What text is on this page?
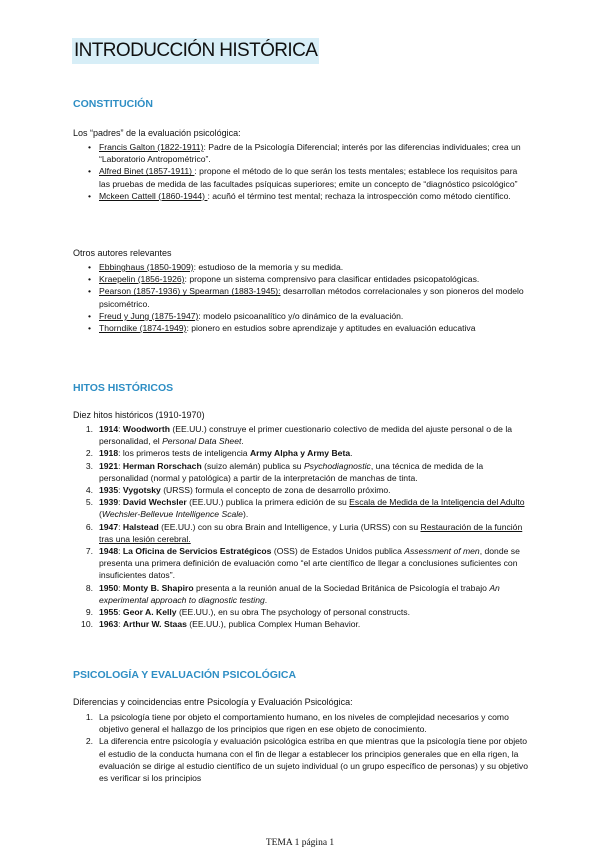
INTRODUCCIÓN HISTÓRICA
CONSTITUCIÓN
Los “padres” de la evaluación psicológica:
• Francis Galton (1822-1911): Padre de la Psicología Diferencial; interés por las diferencias individuales; crea un “Laboratorio Antropométrico”.
• Alfred Binet (1857-1911) : propone el método de lo que serán los tests mentales; establece los requisitos para las pruebas de medida de las facultades psíquicas superiores; emite un concepto de “diagnóstico psicológico”
• Mckeen Cattell (1860-1944) : acuñó el término test mental; rechaza la introspección como método científico.
Otros autores relevantes
• Ebbinghaus (1850-1909): estudioso de la memoria y su medida.
• Kraepelin (1856-1926): propone un sistema comprensivo para clasificar entidades psicopatológicas.
• Pearson (1857-1936) y Spearman (1883-1945): desarrollan métodos correlacionales y son pioneros del modelo psicométrico.
• Freud y Jung (1875-1947): modelo psicoanalítico y/o dinámico de la evaluación.
• Thorndike (1874-1949): pionero en estudios sobre aprendizaje y aptitudes en evaluación educativa
HITOS HISTÓRICOS
Diez hitos históricos (1910-1970)
1. 1914: Woodworth (EE.UU.) construye el primer cuestionario colectivo de medida del ajuste personal o de la personalidad, el Personal Data Sheet.
2. 1918: los primeros tests de inteligencia Army Alpha y Army Beta.
3. 1921: Herman Rorschach (suizo alemán) publica su Psychodiagnostic, una técnica de medida de la personalidad (normal y patológica) a partir de la interpretación de manchas de tinta.
4. 1935: Vygotsky (URSS) formula el concepto de zona de desarrollo próximo.
5. 1939: David Wechsler (EE.UU.) publica la primera edición de su Escala de Medida de la Inteligencia del Adulto (Wechsler-Bellevue Intelligence Scale).
6. 1947: Halstead (EE.UU.) con su obra Brain and Intelligence, y Luria (URSS) con su Restauración de la función tras una lesión cerebral.
7. 1948: La Oficina de Servicios Estratégicos (OSS) de Estados Unidos publica Assessment of men, donde se presenta una primera definición de evaluación como “el arte científico de llegar a conclusiones suficientes con insuficientes datos”.
8. 1950: Monty B. Shapiro presenta a la reunión anual de la Sociedad Británica de Psicología el trabajo An experimental approach to diagnostic testing.
9. 1955: Geor A. Kelly (EE.UU.), en su obra The psychology of personal constructs.
10. 1963: Arthur W. Staas (EE.UU.), publica Complex Human Behavior.
PSICOLOGÍA Y EVALUACIÓN PSICOLÓGICA
Diferencias y coincidencias entre Psicología y Evaluación Psicológica:
1. La psicología tiene por objeto el comportamiento humano, en los niveles de complejidad necesarios y como objetivo general el hallazgo de los principios que rigen en ese objeto de conocimiento.
2. La diferencia entre psicología y evaluación psicológica estriba en que mientras que la psicología tiene por objeto el estudio de la conducta humana con el fin de llegar a establecer los principios generales que en ella rigen, la evaluación se dirige al estudio científico de un sujeto individual (o un grupo específico de personas) y su objetivo es verificar si los principios
TEMA 1 página 1
